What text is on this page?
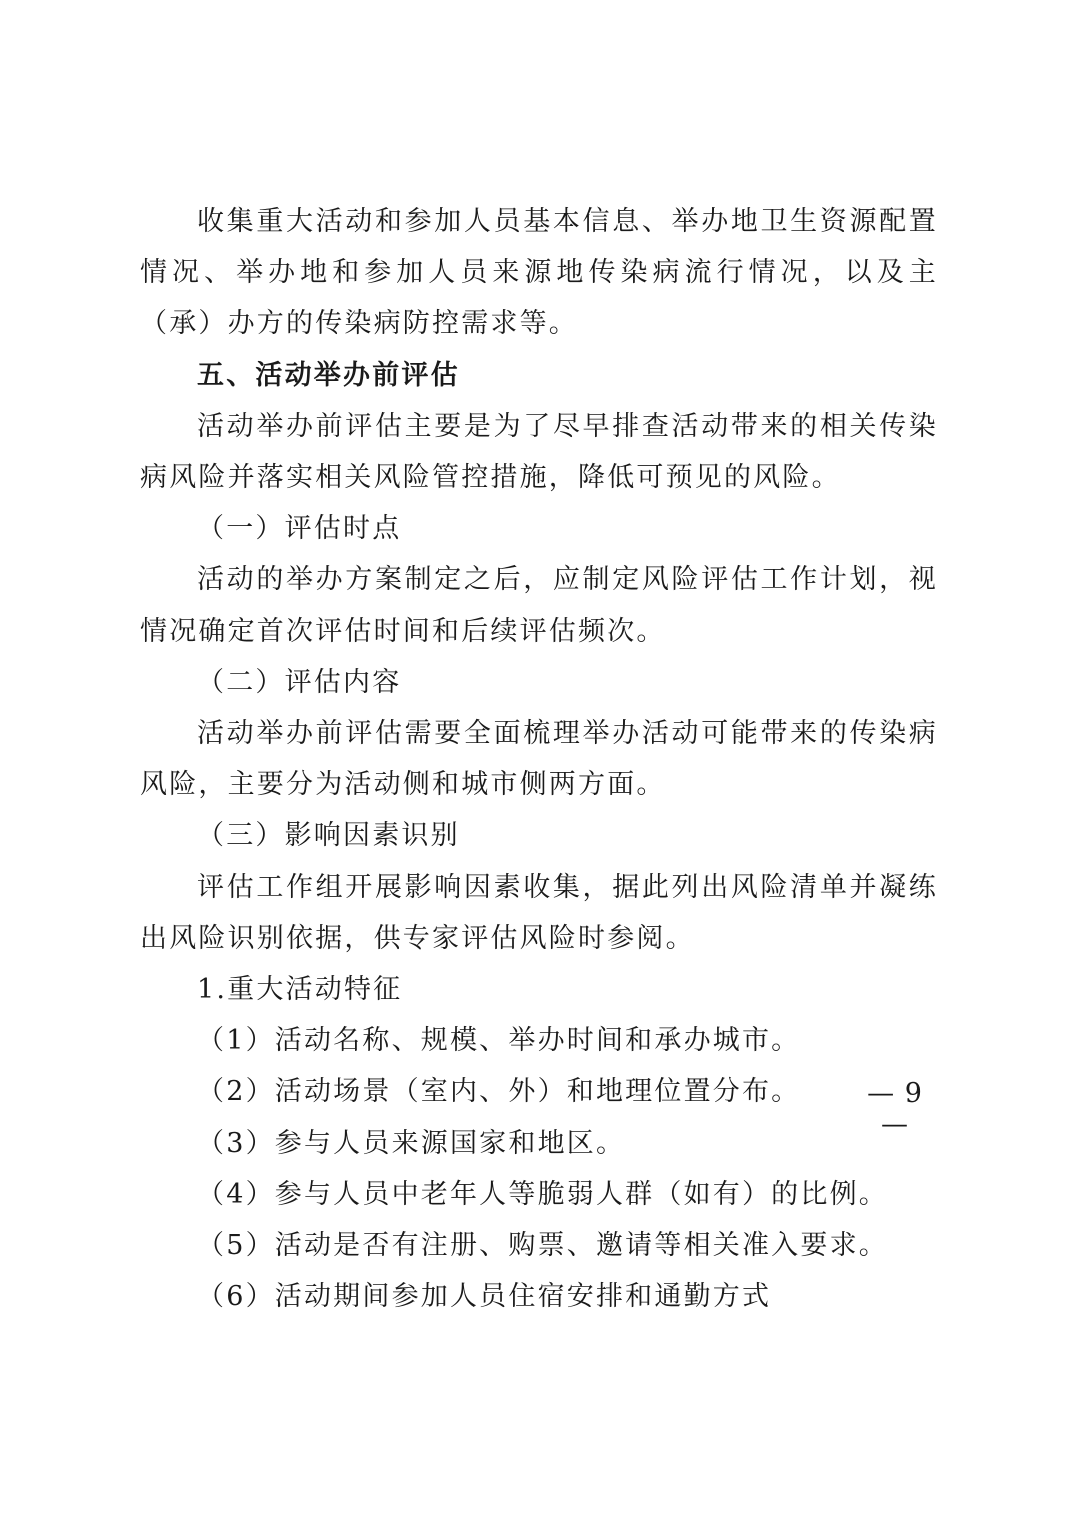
收集重大活动和参加人员基本信息、举办地卫生资源配置情况、举办地和参加人员来源地传染病流行情况，以及主（承）办方的传染病防控需求等。

五、活动举办前评估

活动举办前评估主要是为了尽早排查活动带来的相关传染病风险并落实相关风险管控措施，降低可预见的风险。

（一）评估时点

活动的举办方案制定之后，应制定风险评估工作计划，视情况确定首次评估时间和后续评估频次。

（二）评估内容

活动举办前评估需要全面梳理举办活动可能带来的传染病风险，主要分为活动侧和城市侧两方面。

（三）影响因素识别

评估工作组开展影响因素收集，据此列出风险清单并凝练出风险识别依据，供专家评估风险时参阅。

1.重大活动特征

（1）活动名称、规模、举办时间和承办城市。

（2）活动场景（室内、外）和地理位置分布。

（3）参与人员来源国家和地区。

（4）参与人员中老年人等脆弱人群（如有）的比例。

（5）活动是否有注册、购票、邀请等相关准入要求。

（6）活动期间参加人员住宿安排和通勤方式

— 9 —
